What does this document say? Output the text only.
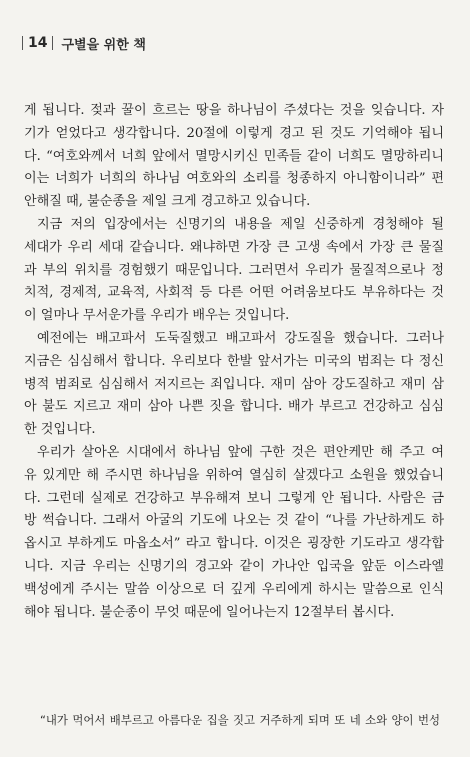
14 구별을 위한 책
게 됩니다. 젖과 꿀이 흐르는 땅을 하나님이 주셨다는 것을 잊습니다. 자
기가 얻었다고 생각합니다. 20절에 이렇게 경고 된 것도 기억해야 됩니
다. “여호와께서 너희 앞에서 멸망시키신 민족들 같이 너희도 멸망하리니
이는 너희가 너희의 하나님 여호와의 소리를 청종하지 아니함이니라” 편
안해질 때, 불순종을 제일 크게 경고하고 있습니다.
지금 저의 입장에서는 신명기의 내용을 제일 신중하게 경청해야 될
세대가 우리 세대 같습니다. 왜냐하면 가장 큰 고생 속에서 가장 큰 물질
과 부의 위치를 경험했기 때문입니다. 그러면서 우리가 물질적으로나 정
치적, 경제적, 교육적, 사회적 등 다른 어떤 어려움보다도 부유하다는 것
이 얼마나 무서운가를 우리가 배우는 것입니다.
예전에는 배고파서 도둑질했고 배고파서 강도질을 했습니다. 그러나
지금은 심심해서 합니다. 우리보다 한발 앞서가는 미국의 범죄는 다 정신
병적 범죄로 심심해서 저지르는 죄입니다. 재미 삼아 강도질하고 재미 삼
아 불도 지르고 재미 삼아 나쁜 짓을 합니다. 배가 부르고 건강하고 심심
한 것입니다.
우리가 살아온 시대에서 하나님 앞에 구한 것은 편안케만 해 주고 여
유 있게만 해 주시면 하나님을 위하여 열심히 살겠다고 소원을 했었습니
다. 그런데 실제로 건강하고 부유해져 보니 그렇게 안 됩니다. 사람은 금
방 썩습니다. 그래서 아굴의 기도에 나오는 것 같이 “나를 가난하게도 하
옵시고 부하게도 마옵소서” 라고 합니다. 이것은 굉장한 기도라고 생각합
니다. 지금 우리는 신명기의 경고와 같이 가나안 입국을 앞둔 이스라엘
백성에게 주시는 말씀 이상으로 더 깊게 우리에게 하시는 말씀으로 인식
해야 됩니다. 불순종이 무엇 때문에 일어나는지 12절부터 봅시다.
“내가 먹어서 배부르고 아름다운 집을 짓고 거주하게 되며 또 네 소와 양이 번성
